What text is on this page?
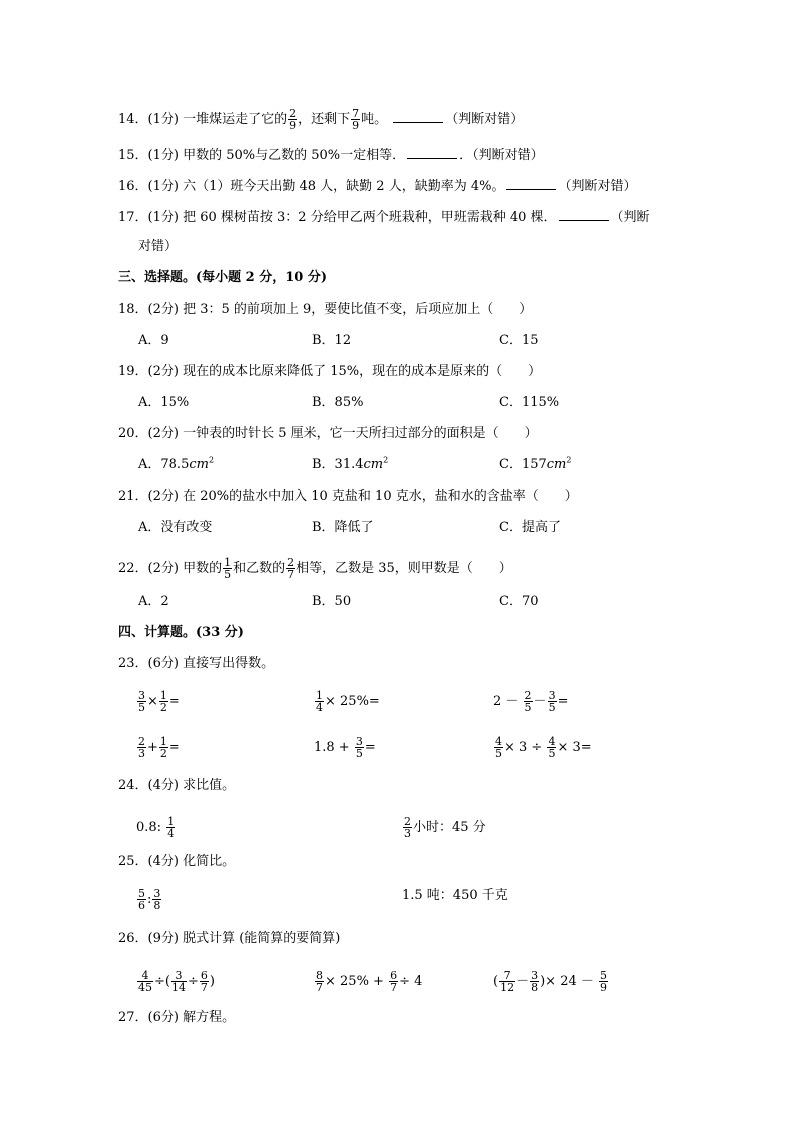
14．(1分) 一堆煤运走了它的 $\frac{2}{9}$ ，还剩下 $\frac{7}{9}$ 吨。	（判断对错）
15．(1分) 甲数的 50%与乙数的 50%一定相等．	．（判断对错）
16．(1分) 六（1）班今天出勤 48 人，缺勤 2 人，缺勤率为 4%。	（判断对错）
17．(1分) 把 60 棵树苗按 3：2 分给甲乙两个班栽种，甲班需栽种 40 棵．	（判断
对错）
三、选择题。(每小题 2 分，10 分)
18．(2分) 把 3：5 的前项加上 9，要使比值不变，后项应加上（　　）
A．9	B．12	C．15
19．(2分) 现在的成本比原来降低了 15%，现在的成本是原来的（　　）
A．15%	B．85%	C．115%
20．(2分) 一钟表的时针长 5 厘米，它一天所扫过部分的面积是（　　）
A．$78.5cm^2$	B．$31.4cm^2$	C．$157cm^2$
21．(2分) 在 20%的盐水中加入 10 克盐和 10 克水，盐和水的含盐率（　　）
A．没有改变	B．降低了	C．提高了
22．(2分) 甲数的 $\frac{1}{5}$ 和乙数的 $\frac{2}{7}$ 相等，乙数是 35，则甲数是（　　）
A．2	B．50	C．70
四、计算题。(33 分)
23．(6分) 直接写出得数。
$\frac{3}{5} \times \frac{1}{2}$ =	$\frac{1}{4} \times 25\%=$	$2 - \frac{2}{5} - \frac{3}{5}$ =
$\frac{2}{3} + \frac{1}{2}$ =	$1.8 + \frac{3}{5}$ =	$\frac{4}{5} \times 3 \div \frac{4}{5} \times 3=$
24．(4分) 求比值。
0.8: $\frac{1}{4}$	$\frac{2}{3}$ 小时：45 分
25．(4分) 化简比。
$\frac{5}{6}$ : $\frac{3}{8}$	1.5 吨：450 千克
26．(9分) 脱式计算 (能简算的要简算)
$\frac{4}{45}$ ÷( $\frac{3}{14} \div \frac{6}{7}$ )	$\frac{8}{7} \times 25\% + \frac{6}{7} \div 4$	( $\frac{7}{12} - \frac{3}{8}$ )× $24 - \frac{5}{9}$
27．(6分) 解方程。
